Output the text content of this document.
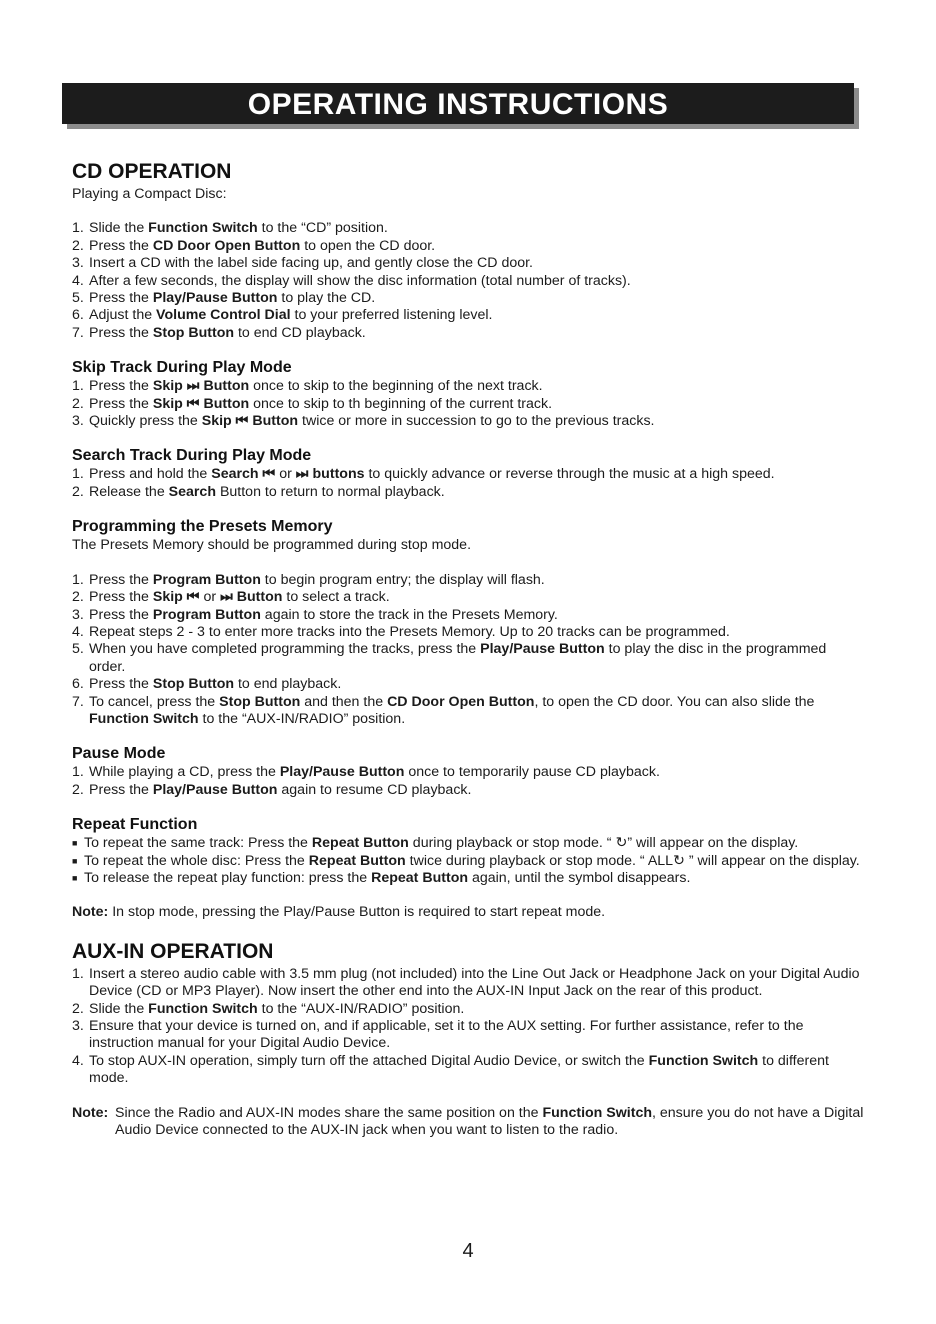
OPERATING INSTRUCTIONS
CD OPERATION

Playing a Compact Disc:

1. Slide the Function Switch to the “CD” position.
2. Press the CD Door Open Button to open the CD door.
3. Insert a CD with the label side facing up, and gently close the CD door.
4. After a few seconds, the display will show the disc information (total number of tracks).
5. Press the Play/Pause Button to play the CD.
6. Adjust the Volume Control Dial to your preferred listening level.
7. Press the Stop Button to end CD playback.
Skip Track During Play Mode
1. Press the Skip ⏭ Button once to skip to the beginning of the next track.
2. Press the Skip ⏮ Button once to skip to th beginning of the current track.
3. Quickly press the Skip ⏮ Button twice or more in succession to go to the previous tracks.
Search Track During Play Mode
1. Press and hold the Search ⏮ or ⏭ buttons to quickly advance or reverse through the music at a high speed.
2. Release the Search Button to return to normal playback.
Programming the Presets Memory

The Presets Memory should be programmed during stop mode.

1. Press the Program Button to begin program entry; the display will flash.
2. Press the Skip ⏮ or ⏭ Button to select a track.
3. Press the Program Button again to store the track in the Presets Memory.
4. Repeat steps 2 - 3 to enter more tracks into the Presets Memory. Up to 20 tracks can be programmed.
5. When you have completed programming the tracks, press the Play/Pause Button to play the disc in the programmed order.
6. Press the Stop Button to end playback.
7. To cancel, press the Stop Button and then the CD Door Open Button, to open the CD door. You can also slide the Function Switch to the “AUX-IN/RADIO” position.
Pause Mode
1. While playing a CD, press the Play/Pause Button once to temporarily pause CD playback.
2. Press the Play/Pause Button again to resume CD playback.
Repeat Function
■ To repeat the same track: Press the Repeat Button during playback or stop mode. “ ↻” will appear on the display.
■ To repeat the whole disc: Press the Repeat Button twice during playback or stop mode. “ ALL↻ ” will appear on the display.
■ To release the repeat play function: press the Repeat Button again, until the symbol disappears.

Note: In stop mode, pressing the Play/Pause Button is required to start repeat mode.

AUX-IN OPERATION
1. Insert a stereo audio cable with 3.5 mm plug (not included) into the Line Out Jack or Headphone Jack on your Digital Audio Device (CD or MP3 Player). Now insert the other end into the AUX-IN Input Jack on the rear of this product.
2. Slide the Function Switch to the “AUX-IN/RADIO” position.
3. Ensure that your device is turned on, and if applicable, set it to the AUX setting. For further assistance, refer to the instruction manual for your Digital Audio Device.
4. To stop AUX-IN operation, simply turn off the attached Digital Audio Device, or switch the Function Switch to different mode.

Note: Since the Radio and AUX-IN modes share the same position on the Function Switch, ensure you do not have a Digital Audio Device connected to the AUX-IN jack when you want to listen to the radio.

4
